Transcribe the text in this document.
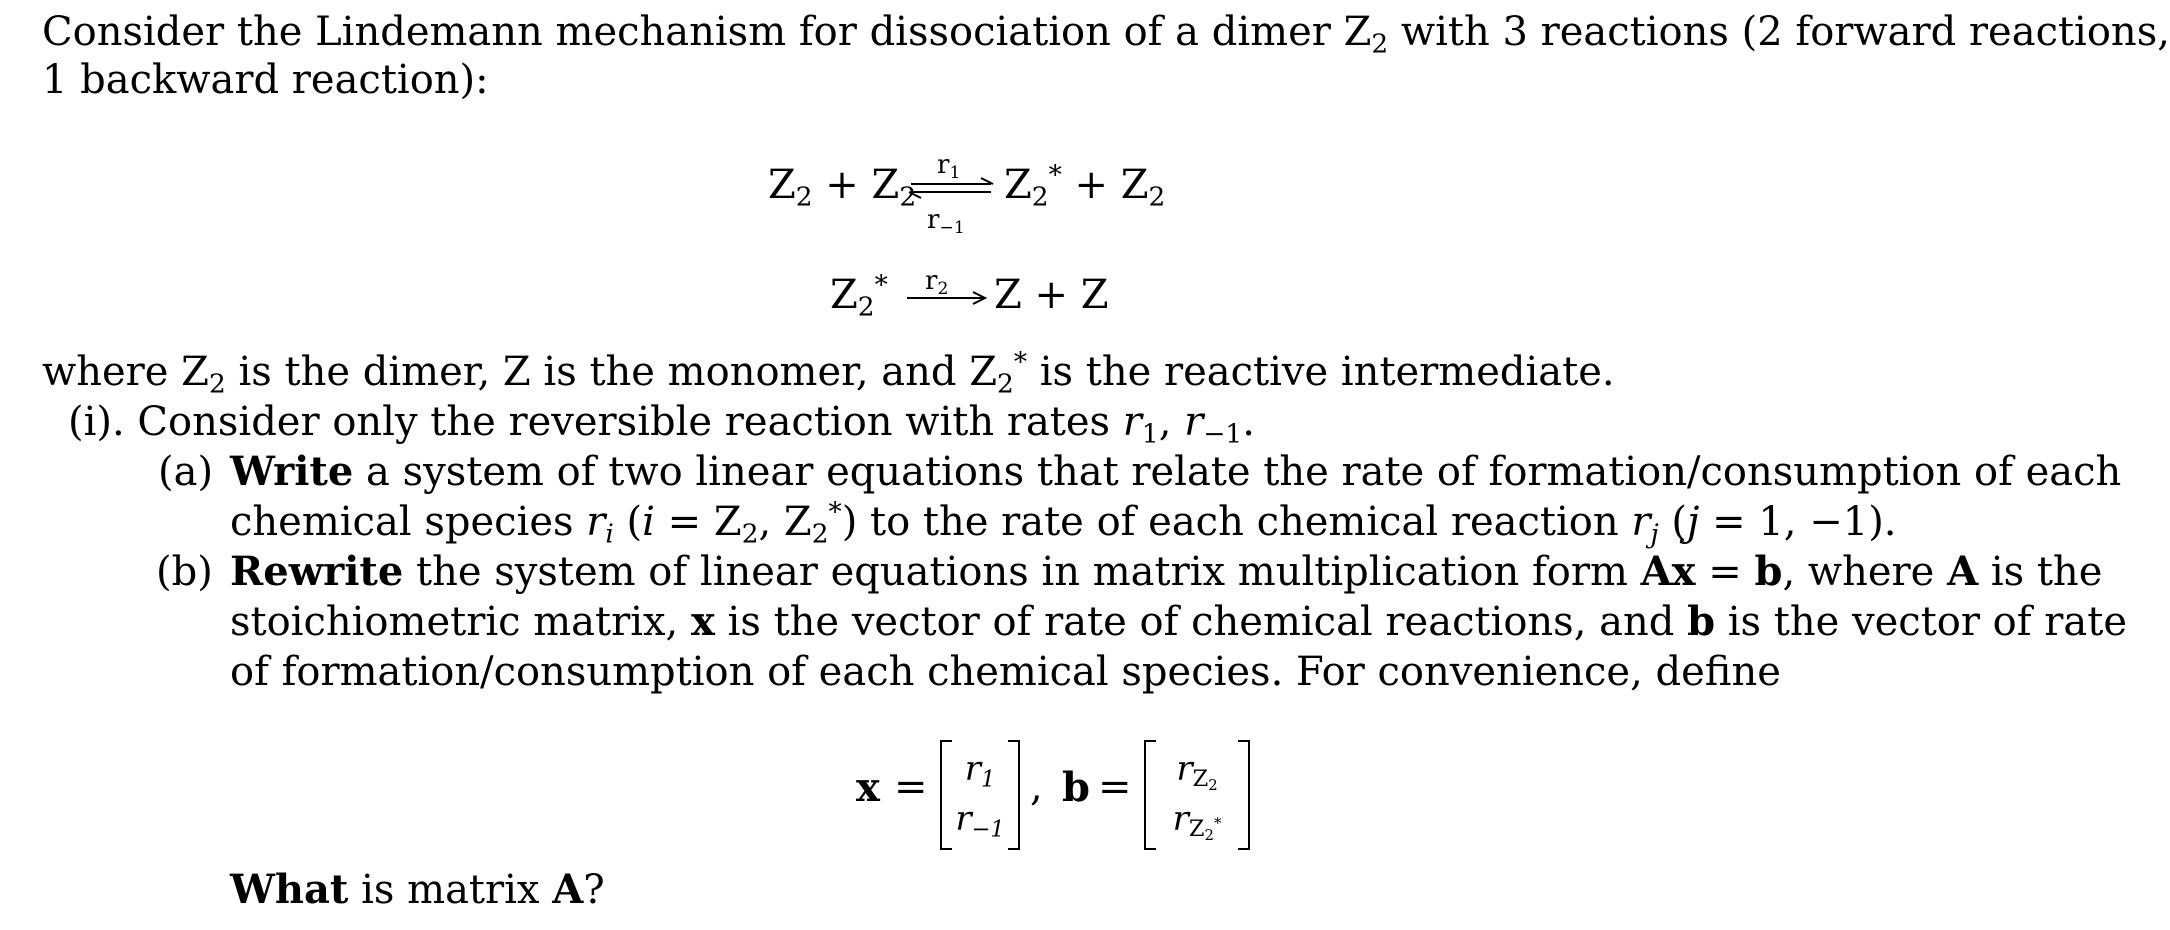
Consider the Lindemann mechanism for dissociation of a dimer $Z_2$ with 3 reactions (2 forward reactions,
1 backward reaction):
$Z_2 + Z_2$
$r_1$
$r_{-1}$
$Z_2^* + Z_2$
$Z_2^*$ $r_2$ Z + Z
where $Z_2$ is the dimer, Z is the monomer, and $Z_2^*$ is the reactive intermediate.
(i). Consider only the reversible reaction with rates $r_1$, $r_{-1}$.
(a) Write a system of two linear equations that relate the rate of formation/consumption of each
chemical species $r_i$ ($i = Z_2$, $Z_2^*$) to the rate of each chemical reaction $r_j$ (j = 1, −1).
(b) Rewrite the system of linear equations in matrix multiplication form Ax = b, where A is the
stoichiometric matrix, x is the vector of rate of chemical reactions, and b is the vector of rate
of formation/consumption of each chemical species. For convenience, define
x =	$r_1$
$r_{-1}$
, b =	$r_{Z_2}$
$r_{Z_2^*}$
What is matrix A?
